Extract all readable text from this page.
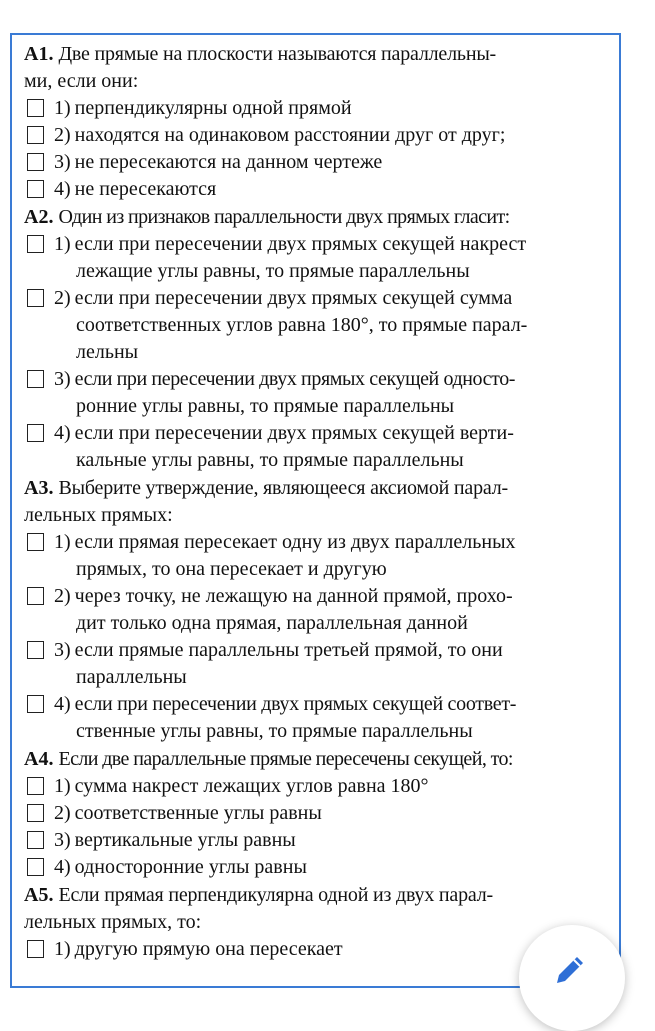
A1. Две прямые на плоскости называются параллельны-
ми, если они:
1) перпендикулярны одной прямой
2) находятся на одинаковом расстоянии друг от друг;
3) не пересекаются на данном чертеже
4) не пересекаются
A2. Один из признаков параллельности двух прямых гласит:
1) если при пересечении двух прямых секущей накрест
лежащие углы равны, то прямые параллельны
2) если при пересечении двух прямых секущей сумма
соответственных углов равна 180°, то прямые парал-
лельны
3) если при пересечении двух прямых секущей односто-
ронние углы равны, то прямые параллельны
4) если при пересечении двух прямых секущей верти-
кальные углы равны, то прямые параллельны
A3. Выберите утверждение, являющееся аксиомой парал-
лельных прямых:
1) если прямая пересекает одну из двух параллельных
прямых, то она пересекает и другую
2) через точку, не лежащую на данной прямой, прохо-
дит только одна прямая, параллельная данной
3) если прямые параллельны третьей прямой, то они
параллельны
4) если при пересечении двух прямых секущей соответ-
ственные углы равны, то прямые параллельны
A4. Если две параллельные прямые пересечены секущей, то:
1) сумма накрест лежащих углов равна 180°
2) соответственные углы равны
3) вертикальные углы равны
4) односторонние углы равны
A5. Если прямая перпендикулярна одной из двух парал-
лельных прямых, то:
1) другую прямую она пересекает
